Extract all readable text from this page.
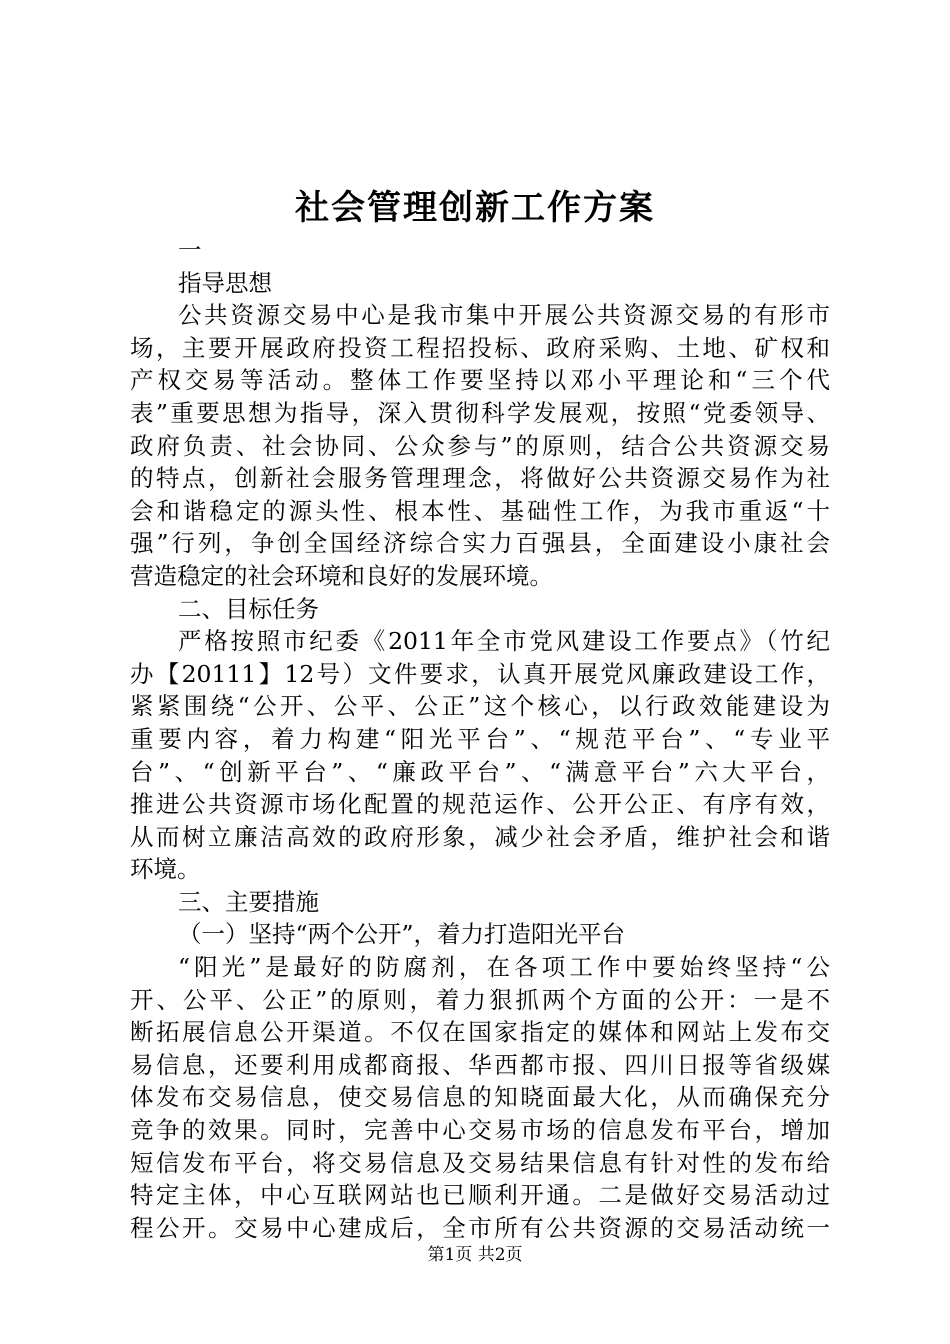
社会管理创新工作方案
一
指导思想
公共资源交易中心是我市集中开展公共资源交易的有形市
场，主要开展政府投资工程招投标、政府采购、土地、矿权和
产权交易等活动。整体工作要坚持以邓小平理论和“三个代
表”重要思想为指导，深入贯彻科学发展观，按照“党委领导、
政府负责、社会协同、公众参与”的原则，结合公共资源交易
的特点，创新社会服务管理理念，将做好公共资源交易作为社
会和谐稳定的源头性、根本性、基础性工作，为我市重返“十
强”行列，争创全国经济综合实力百强县，全面建设小康社会
营造稳定的社会环境和良好的发展环境。
二、目标任务
严格按照市纪委《2011年全市党风建设工作要点》（竹纪
办【20111】12号）文件要求，认真开展党风廉政建设工作，
紧紧围绕“公开、公平、公正”这个核心，以行政效能建设为
重要内容，着力构建“阳光平台”、“规范平台”、“专业平
台”、“创新平台”、“廉政平台”、“满意平台”六大平台，
推进公共资源市场化配置的规范运作、公开公正、有序有效，
从而树立廉洁高效的政府形象，减少社会矛盾，维护社会和谐
环境。
三、主要措施
（一）坚持“两个公开”，着力打造阳光平台
“阳光”是最好的防腐剂，在各项工作中要始终坚持“公
开、公平、公正”的原则，着力狠抓两个方面的公开：一是不
断拓展信息公开渠道。不仅在国家指定的媒体和网站上发布交
易信息，还要利用成都商报、华西都市报、四川日报等省级媒
体发布交易信息，使交易信息的知晓面最大化，从而确保充分
竞争的效果。同时，完善中心交易市场的信息发布平台，增加
短信发布平台，将交易信息及交易结果信息有针对性的发布给
特定主体，中心互联网站也已顺利开通。二是做好交易活动过
程公开。交易中心建成后，全市所有公共资源的交易活动统一
第1页 共2页
